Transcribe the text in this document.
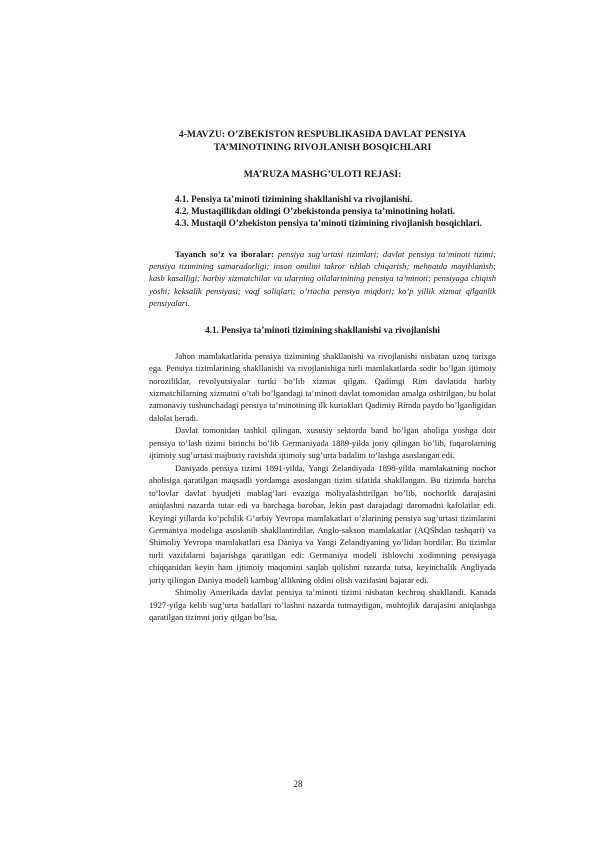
4-MAVZU: O’ZBEKISTON RESPUBLIKASIDA DAVLAT PENSIYA TA’MINOTINING RIVOJLANISH BOSQICHLARI
MA’RUZA MASHG’ULOTI REJASI:
4.1. Pensiya ta’minoti tizimining shakllanishi va rivojlanishi.
4.2. Mustaqillikdan oldingi O’zbekistonda pensiya ta’minotining holati.
4.3. Mustaqil O’zbekiston pensiya ta’minoti tizimining rivojlanish bosqichlari.

Tayanch so’z va iboralar: pensiya sug’urtasi tizimlari; davlat pensiya ta’minoti tizimi; pensiya tizimining samaradorligi; inson omilini takror ishlab chiqarish; mehnatda mayiblanish; kasb kasalligi; harbiy xizmatchilar va ularning oilalarinining pensiya ta’minoti; pensiyaga chiqish yoshi; keksalik pensiyasi; vaqf soliqlari; o’rtacha pensiya miqdori; ko’p yillik xizmat qilganlik pensiyalari.

4.1. Pensiya ta’minoti tizimining shakllanishi va rivojlanishi

Jahon mamlakatlarida pensiya tizimining shakllanishi va rivojlanishi nisbatan uzoq tarixga ega. Pensiya tizimlarining shakllanishi va rivojlanishiga turli mamlakatlarda sodir bo’lgan ijtimoiy noroziliklar, revolyutsiyalar turtki bo’lib xizmat qilgan. Qadimgi Rim davlatida harbiy xizmatchilarning xizmatni o’tab bo’lgandagi ta’minoti davlat tomonidan amalga oshirilgan, bu holat zamonaviy tushunchadagi pensiya ta’minotining ilk kurtaklari Qadimiy Rimda paydo bo’lganligidan dalolat beradi.

Davlat tomonidan tashkil qilingan, xususiy sektorda band bo’lgan aholiga yoshga doir pensiya to’lash tizimi birinchi bo’lib Germaniyada 1889-yilda joriy qilingan bo’lib, fuqarolarning ijtimoiy sug’urtasi majburiy ravishda ijtimoiy sug’urta badalini to’lashga asoslangan edi.

Daniyada pensiya tizimi 1891-yilda, Yangi Zelandiyada 1898-yilda mamlakatning nochor aholisiga qaratilgan maqsadli yordamga asoslangan tizim sifatida shakllangan. Bu tizimda barcha to’lovlar davlat byudjeti mablag’lari evaziga moliyalashtirilgan bo’lib, nochorlik darajasini aniqlashni nazarda tutar edi va barchaga barobar, lekin past darajadagi daromadni kafolatlar edi. Keyingi yillarda ko’pchilik G’arbiy Yevropa mamlakatlari o’zlarining pensiya sug’urtasi tizimlarini Germaniya modeliga asoslanib shakllantirdilar, Anglo-sakson mamlakatlar (AQShdan tashqari) va Shimoliy Yevropa mamlakatlari esa Daniya va Yangi Zelandiyaning yo’lidan bordilar. Bu tizimlar turli vazifalarni bajarishga qaratilgan edi: Germaniya modeli ishlovchi xodimning pensiyaga chiqqanidan keyin ham ijtimoiy maqomini saqlab qolishni nazarda tutsa, keyinchalik Angliyada joriy qilingan Daniya modeli kambag’allikning oldini olish vazifasini bajarar edi.

Shimoliy Amerikada davlat pensiya ta’minoti tizimi nisbatan kechroq shakllandi. Kanada 1927-yilga kelib sug’urta badallari to’lashni nazarda tutmaydigan, muhtojlik darajasini aniqlashga qaratilgan tizimni joriy qilgan bo’lsa,

28
